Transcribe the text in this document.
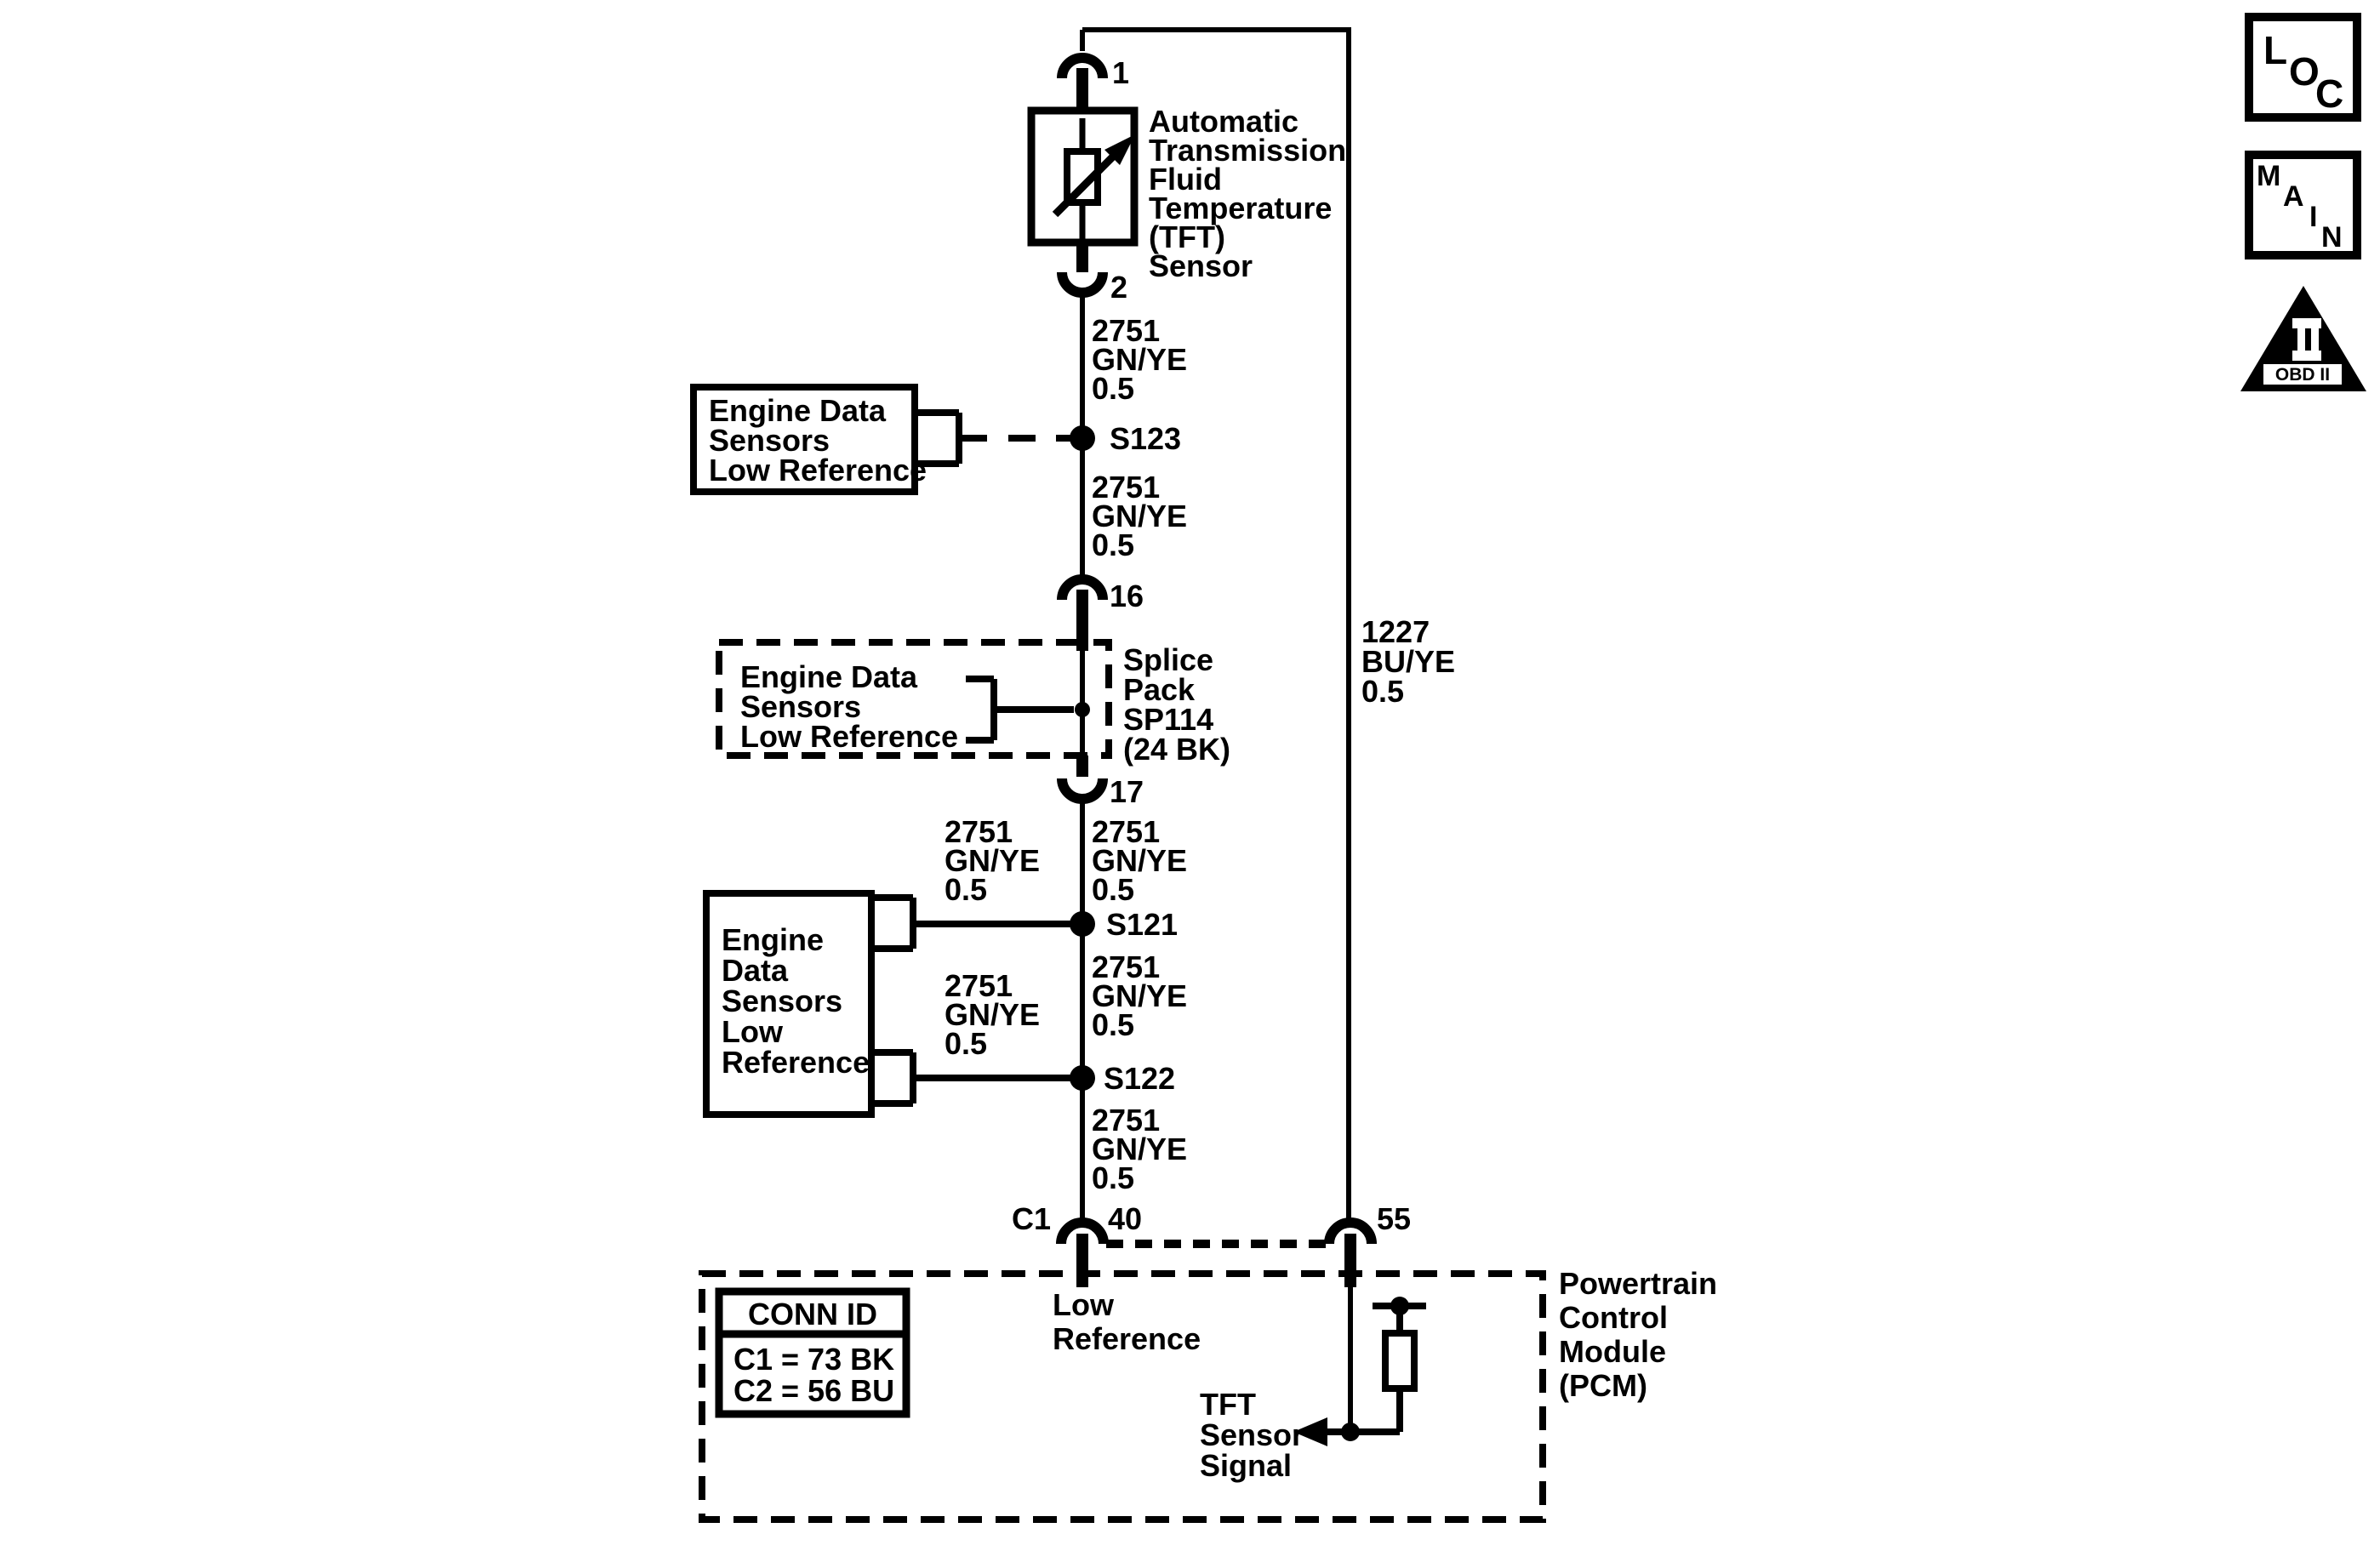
1
2
Automatic
Transmission
Fluid
Temperature
(TFT)
Sensor
2751
GN/YE
0.5
Engine Data
Sensors
Low Reference
S123
2751
GN/YE
0.5
16
Engine Data
Sensors
Low Reference
Splice
Pack
SP114
(24 BK)
17
2751
GN/YE
0.5
2751
GN/YE
0.5
Engine
Data
Sensors
Low
Reference
S121
2751
GN/YE
0.5
2751
GN/YE
0.5
S122
2751
GN/YE
0.5
1227
BU/YE
0.5
C1 40	55
Powertrain
Control
Module
(PCM)
Low
Reference
CONN ID
C1 = 73 BK
C2 = 56 BU	TFT
Sensor
Signal
L O
C
M
A
I
N
OBD II
